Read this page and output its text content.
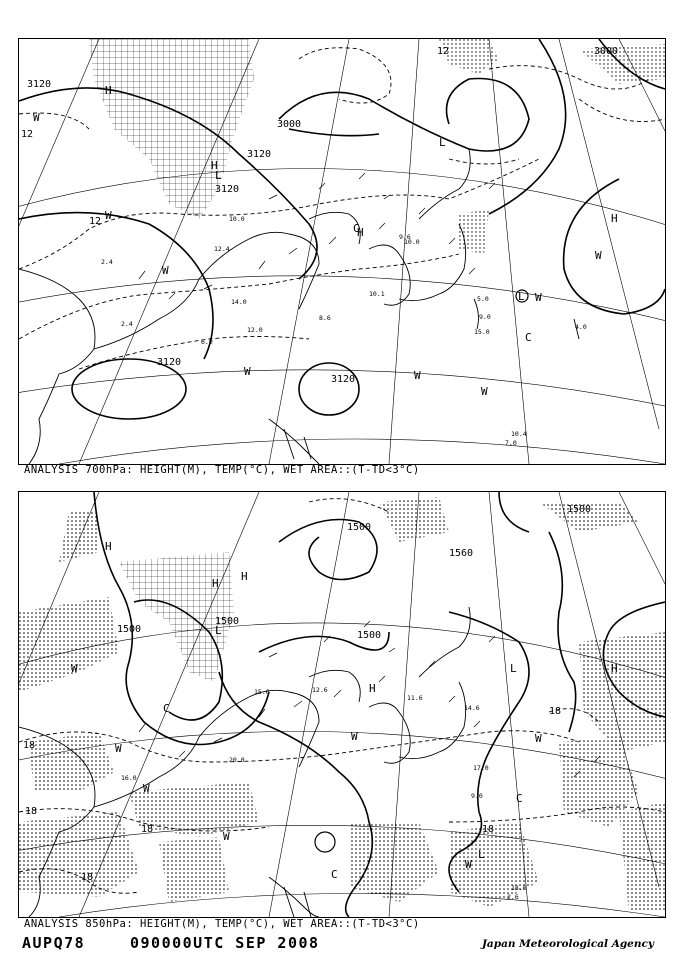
3120
3000
3120
3120
3120
3000
3120
12
12
12
H
W
W
H
W
L
H
C
L
W
C
W
W
L W
H
W
2.4
2.4
10.0
12.4
12.0
14.0
8.6
9.6
10.0
10.1
6.0
5.0
15.0
10.4
7.0
9.0
4.0
ANALYSIS 700hPa: HEIGHT(M), TEMP(°C), WET AREA::(T-TD<3°C)
1500
1500
1500
1500
1560
1500
18
18
18
18
18
18
H
H
W
W
C
W
H
W
H
L
W
C
W
L
C
H
W
L
17.0
9.0
16.0
11.6
14.6
18.0
2.6
15.6	12.6
20.0
ANALYSIS 850hPa: HEIGHT(M), TEMP(°C), WET AREA::(T-TD<3°C)
AUPQ78	090000UTC SEP 2008	Japan Meteorological Agency
